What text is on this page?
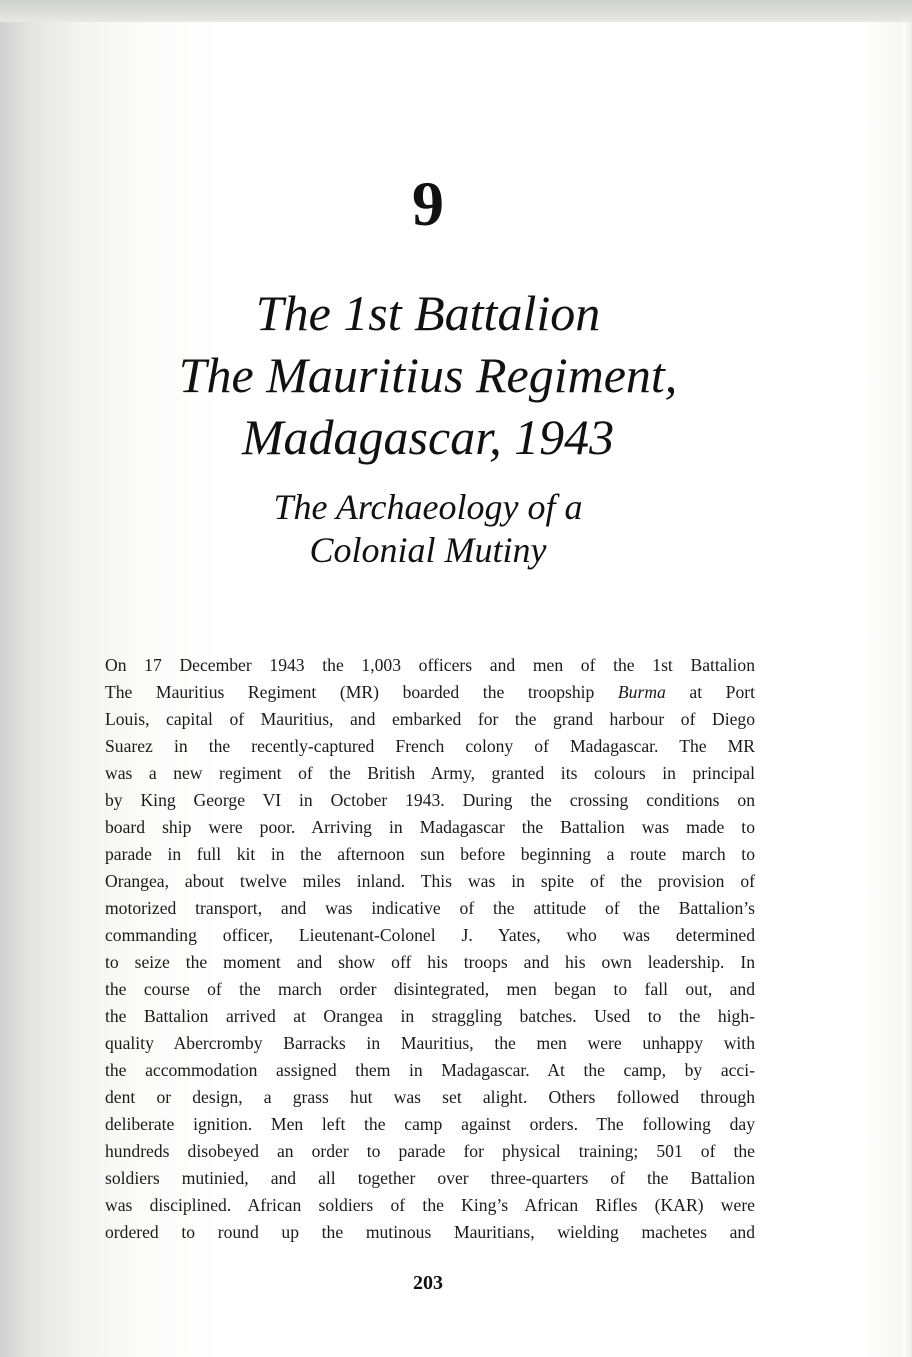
9
The 1st Battalion
The Mauritius Regiment,
Madagascar, 1943
The Archaeology of a
Colonial Mutiny
On 17 December 1943 the 1,003 officers and men of the 1st Battalion
The Mauritius Regiment (MR) boarded the troopship Burma at Port
Louis, capital of Mauritius, and embarked for the grand harbour of Diego
Suarez in the recently-captured French colony of Madagascar. The MR
was a new regiment of the British Army, granted its colours in principal
by King George VI in October 1943. During the crossing conditions on
board ship were poor. Arriving in Madagascar the Battalion was made to
parade in full kit in the afternoon sun before beginning a route march to
Orangea, about twelve miles inland. This was in spite of the provision of
motorized transport, and was indicative of the attitude of the Battalion’s
commanding officer, Lieutenant-Colonel J. Yates, who was determined
to seize the moment and show off his troops and his own leadership. In
the course of the march order disintegrated, men began to fall out, and
the Battalion arrived at Orangea in straggling batches. Used to the high-
quality Abercromby Barracks in Mauritius, the men were unhappy with
the accommodation assigned them in Madagascar. At the camp, by acci-
dent or design, a grass hut was set alight. Others followed through
deliberate ignition. Men left the camp against orders. The following day
hundreds disobeyed an order to parade for physical training; 501 of the
soldiers mutinied, and all together over three-quarters of the Battalion
was disciplined. African soldiers of the King’s African Rifles (KAR) were
ordered to round up the mutinous Mauritians, wielding machetes and
203
